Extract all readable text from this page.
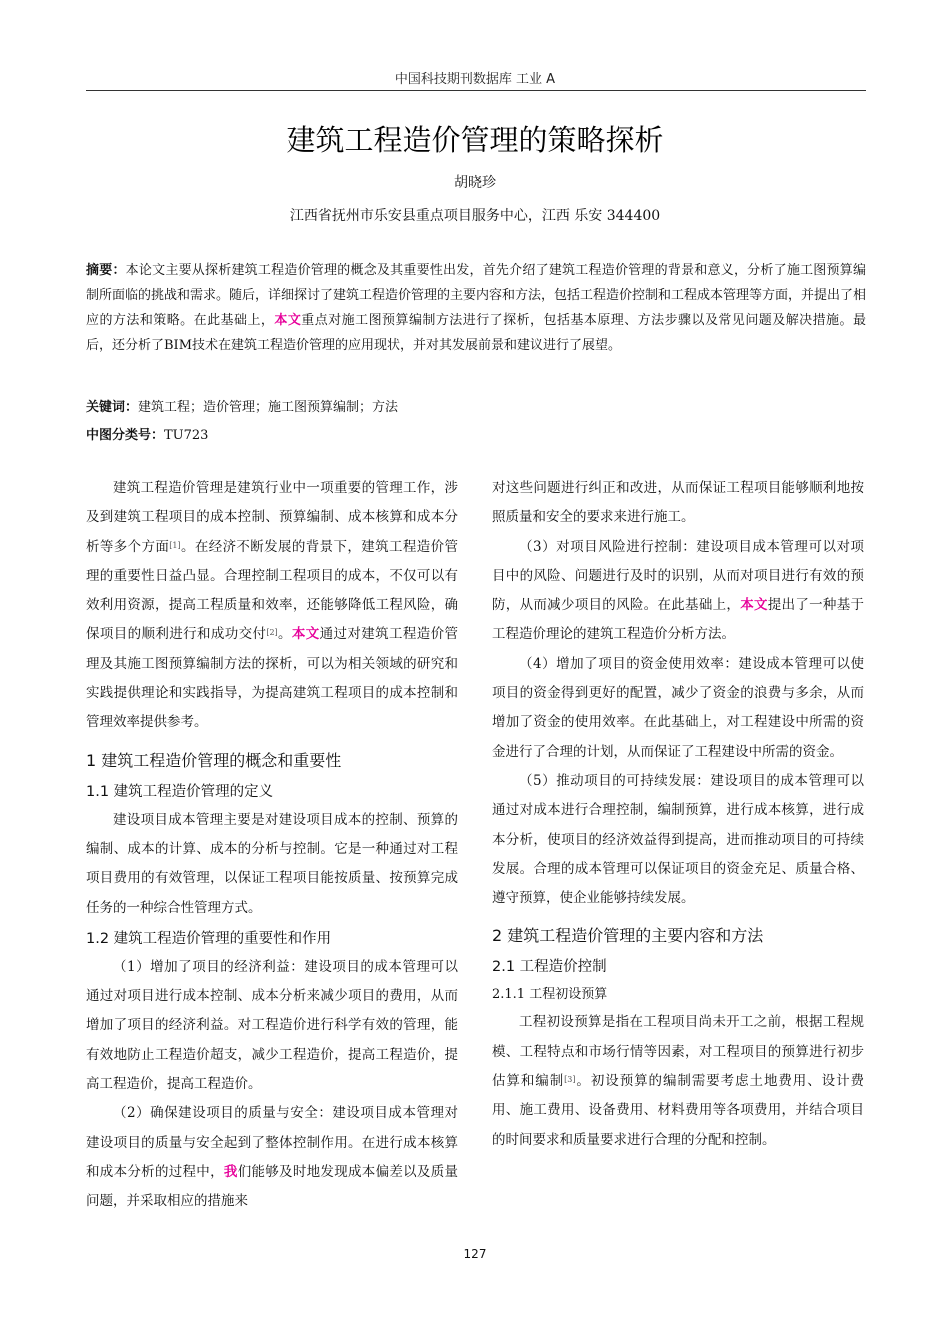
中国科技期刊数据库 工业 A
建筑工程造价管理的策略探析
胡晓珍
江西省抚州市乐安县重点项目服务中心，江西 乐安 344400
摘要：本论文主要从探析建筑工程造价管理的概念及其重要性出发，首先介绍了建筑工程造价管理的背景和意义，分析了施工图预算编制所面临的挑战和需求。随后，详细探讨了建筑工程造价管理的主要内容和方法，包括工程造价控制和工程成本管理等方面，并提出了相应的方法和策略。在此基础上，本文重点对施工图预算编制方法进行了探析，包括基本原理、方法步骤以及常见问题及解决措施。最后，还分析了BIM技术在建筑工程造价管理的应用现状，并对其发展前景和建议进行了展望。
关键词：建筑工程；造价管理；施工图预算编制；方法
中图分类号：TU723

建筑工程造价管理是建筑行业中一项重要的管理工作，涉及到建筑工程项目的成本控制、预算编制、成本核算和成本分析等多个方面[1]。在经济不断发展的背景下，建筑工程造价管理的重要性日益凸显。合理控制工程项目的成本，不仅可以有效利用资源，提高工程质量和效率，还能够降低工程风险，确保项目的顺利进行和成功交付[2]。本文通过对建筑工程造价管理及其施工图预算编制方法的探析，可以为相关领域的研究和实践提供理论和实践指导，为提高建筑工程项目的成本控制和管理效率提供参考。

1 建筑工程造价管理的概念和重要性
1.1 建筑工程造价管理的定义

建设项目成本管理主要是对建设项目成本的控制、预算的编制、成本的计算、成本的分析与控制。它是一种通过对工程项目费用的有效管理，以保证工程项目能按质量、按预算完成任务的一种综合性管理方式。

1.2 建筑工程造价管理的重要性和作用

（1）增加了项目的经济利益：建设项目的成本管理可以通过对项目进行成本控制、成本分析来减少项目的费用，从而增加了项目的经济利益。对工程造价进行科学有效的管理，能有效地防止工程造价超支，减少工程造价，提高工程造价，提高工程造价，提高工程造价。

（2）确保建设项目的质量与安全：建设项目成本管理对建设项目的质量与安全起到了整体控制作用。在进行成本核算和成本分析的过程中，我们能够及时地发现成本偏差以及质量问题，并采取相应的措施来

对这些问题进行纠正和改进，从而保证工程项目能够顺利地按照质量和安全的要求来进行施工。

（3）对项目风险进行控制：建设项目成本管理可以对项目中的风险、问题进行及时的识别，从而对项目进行有效的预防，从而减少项目的风险。在此基础上，本文提出了一种基于工程造价理论的建筑工程造价分析方法。

（4）增加了项目的资金使用效率：建设成本管理可以使项目的资金得到更好的配置，减少了资金的浪费与多余，从而增加了资金的使用效率。在此基础上，对工程建设中所需的资金进行了合理的计划，从而保证了工程建设中所需的资金。

（5）推动项目的可持续发展：建设项目的成本管理可以通过对成本进行合理控制，编制预算，进行成本核算，进行成本分析，使项目的经济效益得到提高，进而推动项目的可持续发展。合理的成本管理可以保证项目的资金充足、质量合格、遵守预算，使企业能够持续发展。

2 建筑工程造价管理的主要内容和方法
2.1 工程造价控制
2.1.1 工程初设预算

工程初设预算是指在工程项目尚未开工之前，根据工程规模、工程特点和市场行情等因素，对工程项目的预算进行初步估算和编制[3]。初设预算的编制需要考虑土地费用、设计费用、施工费用、设备费用、材料费用等各项费用，并结合项目的时间要求和质量要求进行合理的分配和控制。

127
